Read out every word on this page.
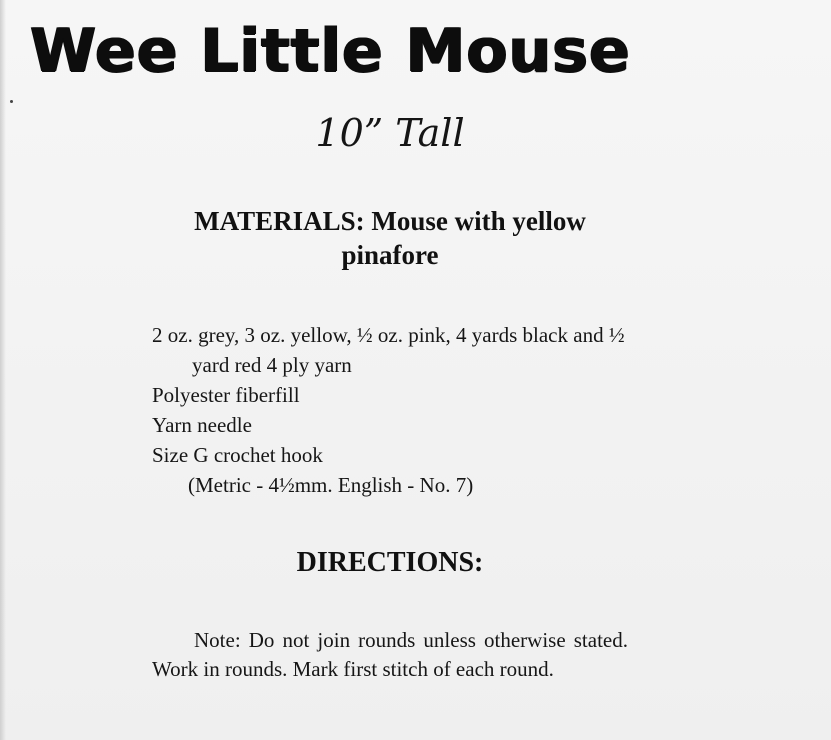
Wee Little Mouse
10” Tall
MATERIALS: Mouse with yellow
pinafore
2 oz. grey, 3 oz. yellow, ½ oz. pink, 4 yards black and ½ yard red 4 ply yarn
Polyester fiberfill
Yarn needle
Size G crochet hook
(Metric - 4½mm. English - No. 7)
DIRECTIONS:

Note: Do not join rounds unless otherwise stated. Work in rounds. Mark first stitch of each round.
